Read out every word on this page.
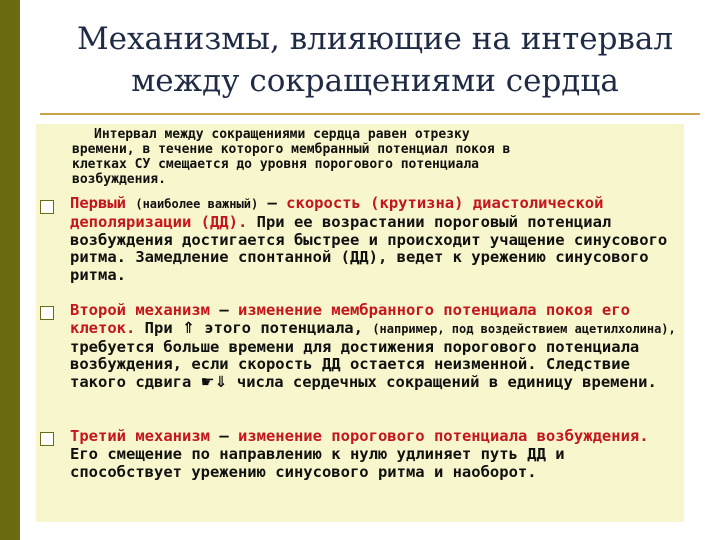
Механизмы, влияющие на интервал
между сокращениями сердца
Интервал между сокращениями сердца равен отрезку
времени, в течение которого мембранный потенциал покоя в
клетках СУ смещается до уровня порогового потенциала
возбуждения.
Первый (наиболее важный) — скорость (крутизна) диастолической деполяризации (ДД). При ее возрастании пороговый потенциал возбуждения достигается быстрее и происходит учащение синусового ритма. Замедление спонтанной (ДД), ведет к урежению синусового ритма.
Второй механизм — изменение мембранного потенциала покоя его клеток. При ⇑ этого потенциала, (например, под воздействием ацетилхолина), требуется больше времени для достижения порогового потенциала возбуждения, если скорость ДД остается неизменной. Следствие такого сдвига ☛⇓ числа сердечных сокращений в единицу времени.
Третий механизм — изменение порогового потенциала возбуждения. Его смещение по направлению к нулю удлиняет путь ДД и способствует урежению синусового ритма и наоборот.
